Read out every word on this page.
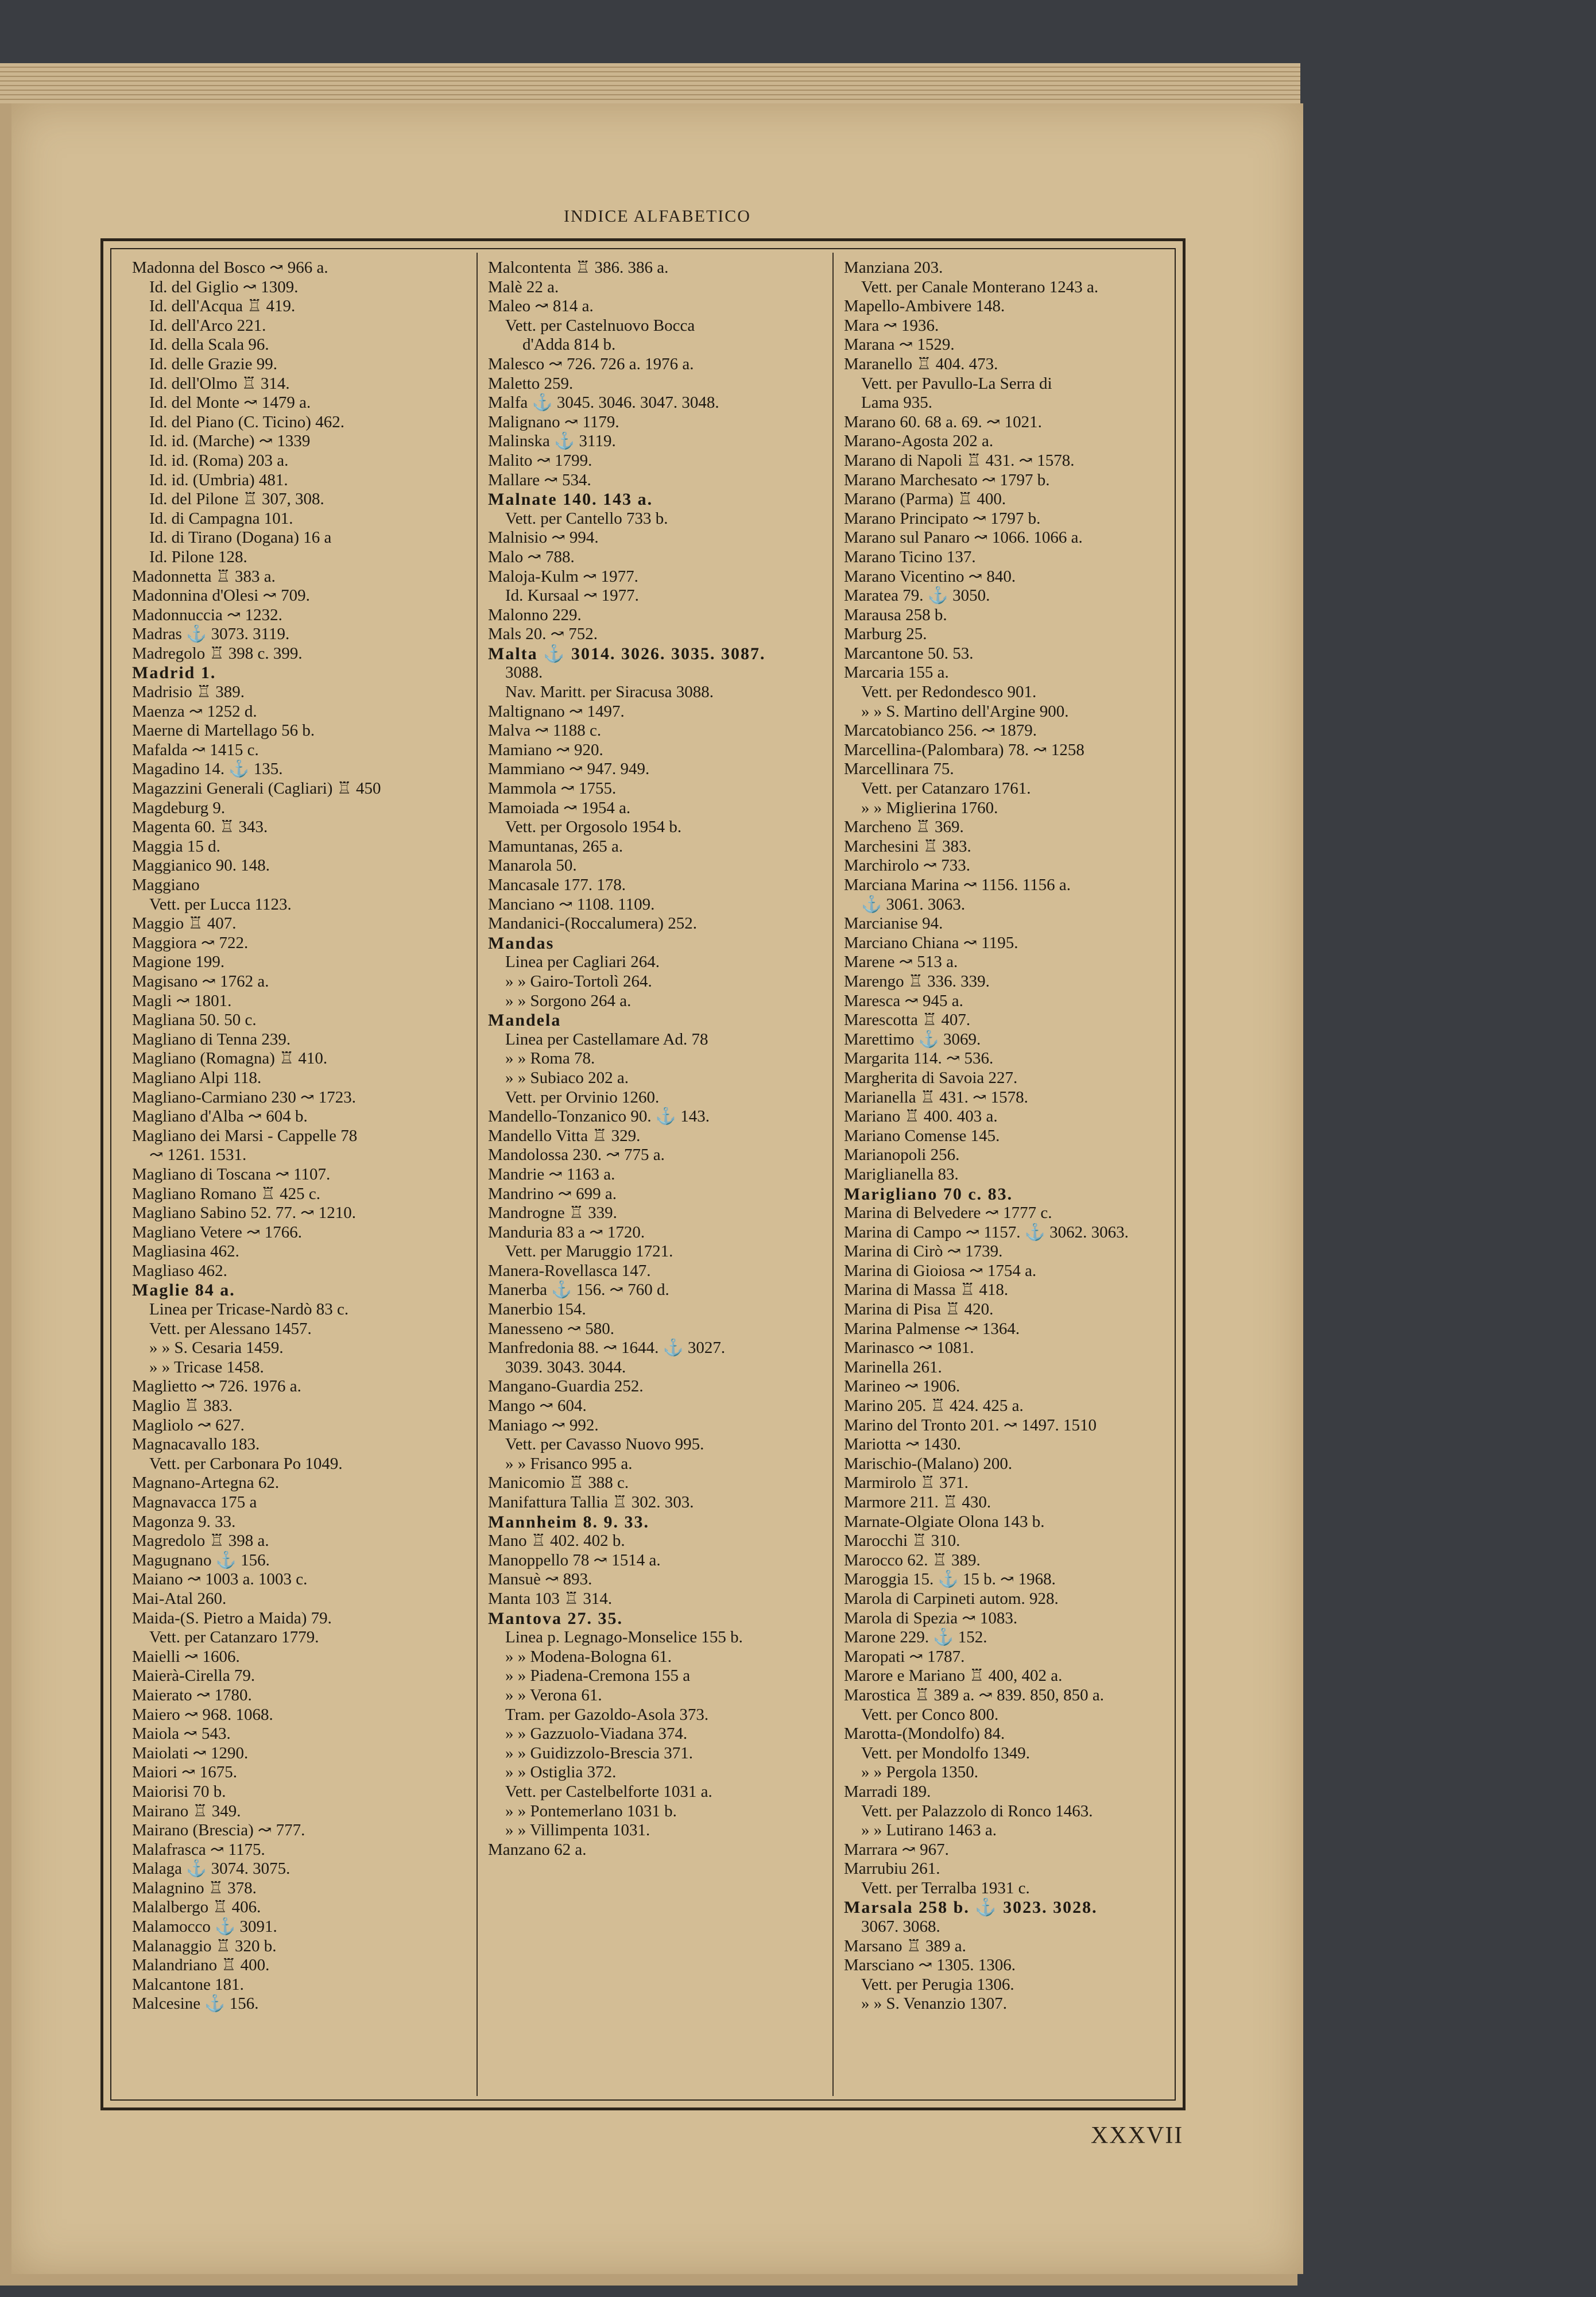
INDICE ALFABETICO
Madonna del Bosco ↝ 966 a.
Id. del Giglio ↝ 1309.
Id. dell'Acqua ♖ 419.
Id. dell'Arco 221.
Id. della Scala 96.
Id. delle Grazie 99.
Id. dell'Olmo ♖ 314.
Id. del Monte ↝ 1479 a.
Id. del Piano (C. Ticino) 462.
Id. id. (Marche) ↝ 1339
Id. id. (Roma) 203 a.
Id. id. (Umbria) 481.
Id. del Pilone ♖ 307, 308.
Id. di Campagna 101.
Id. di Tirano (Dogana) 16 a
Id. Pilone 128.
Madonnetta ♖ 383 a.
Madonnina d'Olesi ↝ 709.
Madonnuccia ↝ 1232.
Madras ⚓ 3073. 3119.
Madregolo ♖ 398 c. 399.
Madrid 1.
Madrisio ♖ 389.
Maenza ↝ 1252 d.
Maerne di Martellago 56 b.
Mafalda ↝ 1415 c.
Magadino 14. ⚓ 135.
Magazzini Generali (Cagliari) ♖ 450
Magdeburg 9.
Magenta 60. ♖ 343.
Maggia 15 d.
Maggianico 90. 148.
Maggiano
Vett. per Lucca 1123.
Maggio ♖ 407.
Maggiora ↝ 722.
Magione 199.
Magisano ↝ 1762 a.
Magli ↝ 1801.
Magliana 50. 50 c.
Magliano di Tenna 239.
Magliano (Romagna) ♖ 410.
Magliano Alpi 118.
Magliano-Carmiano 230 ↝ 1723.
Magliano d'Alba ↝ 604 b.
Magliano dei Marsi - Cappelle 78
↝ 1261. 1531.
Magliano di Toscana ↝ 1107.
Magliano Romano ♖ 425 c.
Magliano Sabino 52. 77. ↝ 1210.
Magliano Vetere ↝ 1766.
Magliasina 462.
Magliaso 462.
Maglie 84 a.
Linea per Tricase-Nardò 83 c.
Vett. per Alessano 1457.
» » S. Cesaria 1459.
» » Tricase 1458.
Maglietto ↝ 726. 1976 a.
Maglio ♖ 383.
Magliolo ↝ 627.
Magnacavallo 183.
Vett. per Carbonara Po 1049.
Magnano-Artegna 62.
Magnavacca 175 a
Magonza 9. 33.
Magredolo ♖ 398 a.
Magugnano ⚓ 156.
Maiano ↝ 1003 a. 1003 c.
Mai-Atal 260.
Maida-(S. Pietro a Maida) 79.
Vett. per Catanzaro 1779.
Maielli ↝ 1606.
Maierà-Cirella 79.
Maierato ↝ 1780.
Maiero ↝ 968. 1068.
Maiola ↝ 543.
Maiolati ↝ 1290.
Maiori ↝ 1675.
Maiorisi 70 b.
Mairano ♖ 349.
Mairano (Brescia) ↝ 777.
Malafrasca ↝ 1175.
Malaga ⚓ 3074. 3075.
Malagnino ♖ 378.
Malalbergo ♖ 406.
Malamocco ⚓ 3091.
Malanaggio ♖ 320 b.
Malandriano ♖ 400.
Malcantone 181.
Malcesine ⚓ 156.
Malcontenta ♖ 386. 386 a.
Malè 22 a.
Maleo ↝ 814 a.
Vett. per Castelnuovo Bocca
d'Adda 814 b.
Malesco ↝ 726. 726 a. 1976 a.
Maletto 259.
Malfa ⚓ 3045. 3046. 3047. 3048.
Malignano ↝ 1179.
Malinska ⚓ 3119.
Malito ↝ 1799.
Mallare ↝ 534.
Malnate 140. 143 a.
Vett. per Cantello 733 b.
Malnisio ↝ 994.
Malo ↝ 788.
Maloja-Kulm ↝ 1977.
Id. Kursaal ↝ 1977.
Malonno 229.
Mals 20. ↝ 752.
Malta ⚓ 3014. 3026. 3035. 3087.
3088.
Nav. Maritt. per Siracusa 3088.
Maltignano ↝ 1497.
Malva ↝ 1188 c.
Mamiano ↝ 920.
Mammiano ↝ 947. 949.
Mammola ↝ 1755.
Mamoiada ↝ 1954 a.
Vett. per Orgosolo 1954 b.
Mamuntanas, 265 a.
Manarola 50.
Mancasale 177. 178.
Manciano ↝ 1108. 1109.
Mandanici-(Roccalumera) 252.
Mandas
Linea per Cagliari 264.
» » Gairo-Tortolì 264.
» » Sorgono 264 a.
Mandela
Linea per Castellamare Ad. 78
» » Roma 78.
» » Subiaco 202 a.
Vett. per Orvinio 1260.
Mandello-Tonzanico 90. ⚓ 143.
Mandello Vitta ♖ 329.
Mandolossa 230. ↝ 775 a.
Mandrie ↝ 1163 a.
Mandrino ↝ 699 a.
Mandrogne ♖ 339.
Manduria 83 a ↝ 1720.
Vett. per Maruggio 1721.
Manera-Rovellasca 147.
Manerba ⚓ 156. ↝ 760 d.
Manerbio 154.
Manesseno ↝ 580.
Manfredonia 88. ↝ 1644. ⚓ 3027.
3039. 3043. 3044.
Mangano-Guardia 252.
Mango ↝ 604.
Maniago ↝ 992.
Vett. per Cavasso Nuovo 995.
» » Frisanco 995 a.
Manicomio ♖ 388 c.
Manifattura Tallia ♖ 302. 303.
Mannheim 8. 9. 33.
Mano ♖ 402. 402 b.
Manoppello 78 ↝ 1514 a.
Mansuè ↝ 893.
Manta 103 ♖ 314.
Mantova 27. 35.
Linea p. Legnago-Monselice 155 b.
» » Modena-Bologna 61.
» » Piadena-Cremona 155 a
» » Verona 61.
Tram. per Gazoldo-Asola 373.
» » Gazzuolo-Viadana 374.
» » Guidizzolo-Brescia 371.
» » Ostiglia 372.
Vett. per Castelbelforte 1031 a.
» » Pontemerlano 1031 b.
» » Villimpenta 1031.
Manzano 62 a.
Manziana 203.
Vett. per Canale Monterano 1243 a.
Mapello-Ambivere 148.
Mara ↝ 1936.
Marana ↝ 1529.
Maranello ♖ 404. 473.
Vett. per Pavullo-La Serra di
Lama 935.
Marano 60. 68 a. 69. ↝ 1021.
Marano-Agosta 202 a.
Marano di Napoli ♖ 431. ↝ 1578.
Marano Marchesato ↝ 1797 b.
Marano (Parma) ♖ 400.
Marano Principato ↝ 1797 b.
Marano sul Panaro ↝ 1066. 1066 a.
Marano Ticino 137.
Marano Vicentino ↝ 840.
Maratea 79. ⚓ 3050.
Marausa 258 b.
Marburg 25.
Marcantone 50. 53.
Marcaria 155 a.
Vett. per Redondesco 901.
» » S. Martino dell'Argine 900.
Marcatobianco 256. ↝ 1879.
Marcellina-(Palombara) 78. ↝ 1258
Marcellinara 75.
Vett. per Catanzaro 1761.
» » Miglierina 1760.
Marcheno ♖ 369.
Marchesini ♖ 383.
Marchirolo ↝ 733.
Marciana Marina ↝ 1156. 1156 a.
⚓ 3061. 3063.
Marcianise 94.
Marciano Chiana ↝ 1195.
Marene ↝ 513 a.
Marengo ♖ 336. 339.
Maresca ↝ 945 a.
Marescotta ♖ 407.
Marettimo ⚓ 3069.
Margarita 114. ↝ 536.
Margherita di Savoia 227.
Marianella ♖ 431. ↝ 1578.
Mariano ♖ 400. 403 a.
Mariano Comense 145.
Marianopoli 256.
Mariglianella 83.
Marigliano 70 c. 83.
Marina di Belvedere ↝ 1777 c.
Marina di Campo ↝ 1157. ⚓ 3062. 3063.
Marina di Cirò ↝ 1739.
Marina di Gioiosa ↝ 1754 a.
Marina di Massa ♖ 418.
Marina di Pisa ♖ 420.
Marina Palmense ↝ 1364.
Marinasco ↝ 1081.
Marinella 261.
Marineo ↝ 1906.
Marino 205. ♖ 424. 425 a.
Marino del Tronto 201. ↝ 1497. 1510
Mariotta ↝ 1430.
Marischio-(Malano) 200.
Marmirolo ♖ 371.
Marmore 211. ♖ 430.
Marnate-Olgiate Olona 143 b.
Marocchi ♖ 310.
Marocco 62. ♖ 389.
Maroggia 15. ⚓ 15 b. ↝ 1968.
Marola di Carpineti autom. 928.
Marola di Spezia ↝ 1083.
Marone 229. ⚓ 152.
Maropati ↝ 1787.
Marore e Mariano ♖ 400, 402 a.
Marostica ♖ 389 a. ↝ 839. 850, 850 a.
Vett. per Conco 800.
Marotta-(Mondolfo) 84.
Vett. per Mondolfo 1349.
» » Pergola 1350.
Marradi 189.
Vett. per Palazzolo di Ronco 1463.
» » Lutirano 1463 a.
Marrara ↝ 967.
Marrubiu 261.
Vett. per Terralba 1931 c.
Marsala 258 b. ⚓ 3023. 3028.
3067. 3068.
Marsano ♖ 389 a.
Marsciano ↝ 1305. 1306.
Vett. per Perugia 1306.
» » S. Venanzio 1307.
XXXVII
